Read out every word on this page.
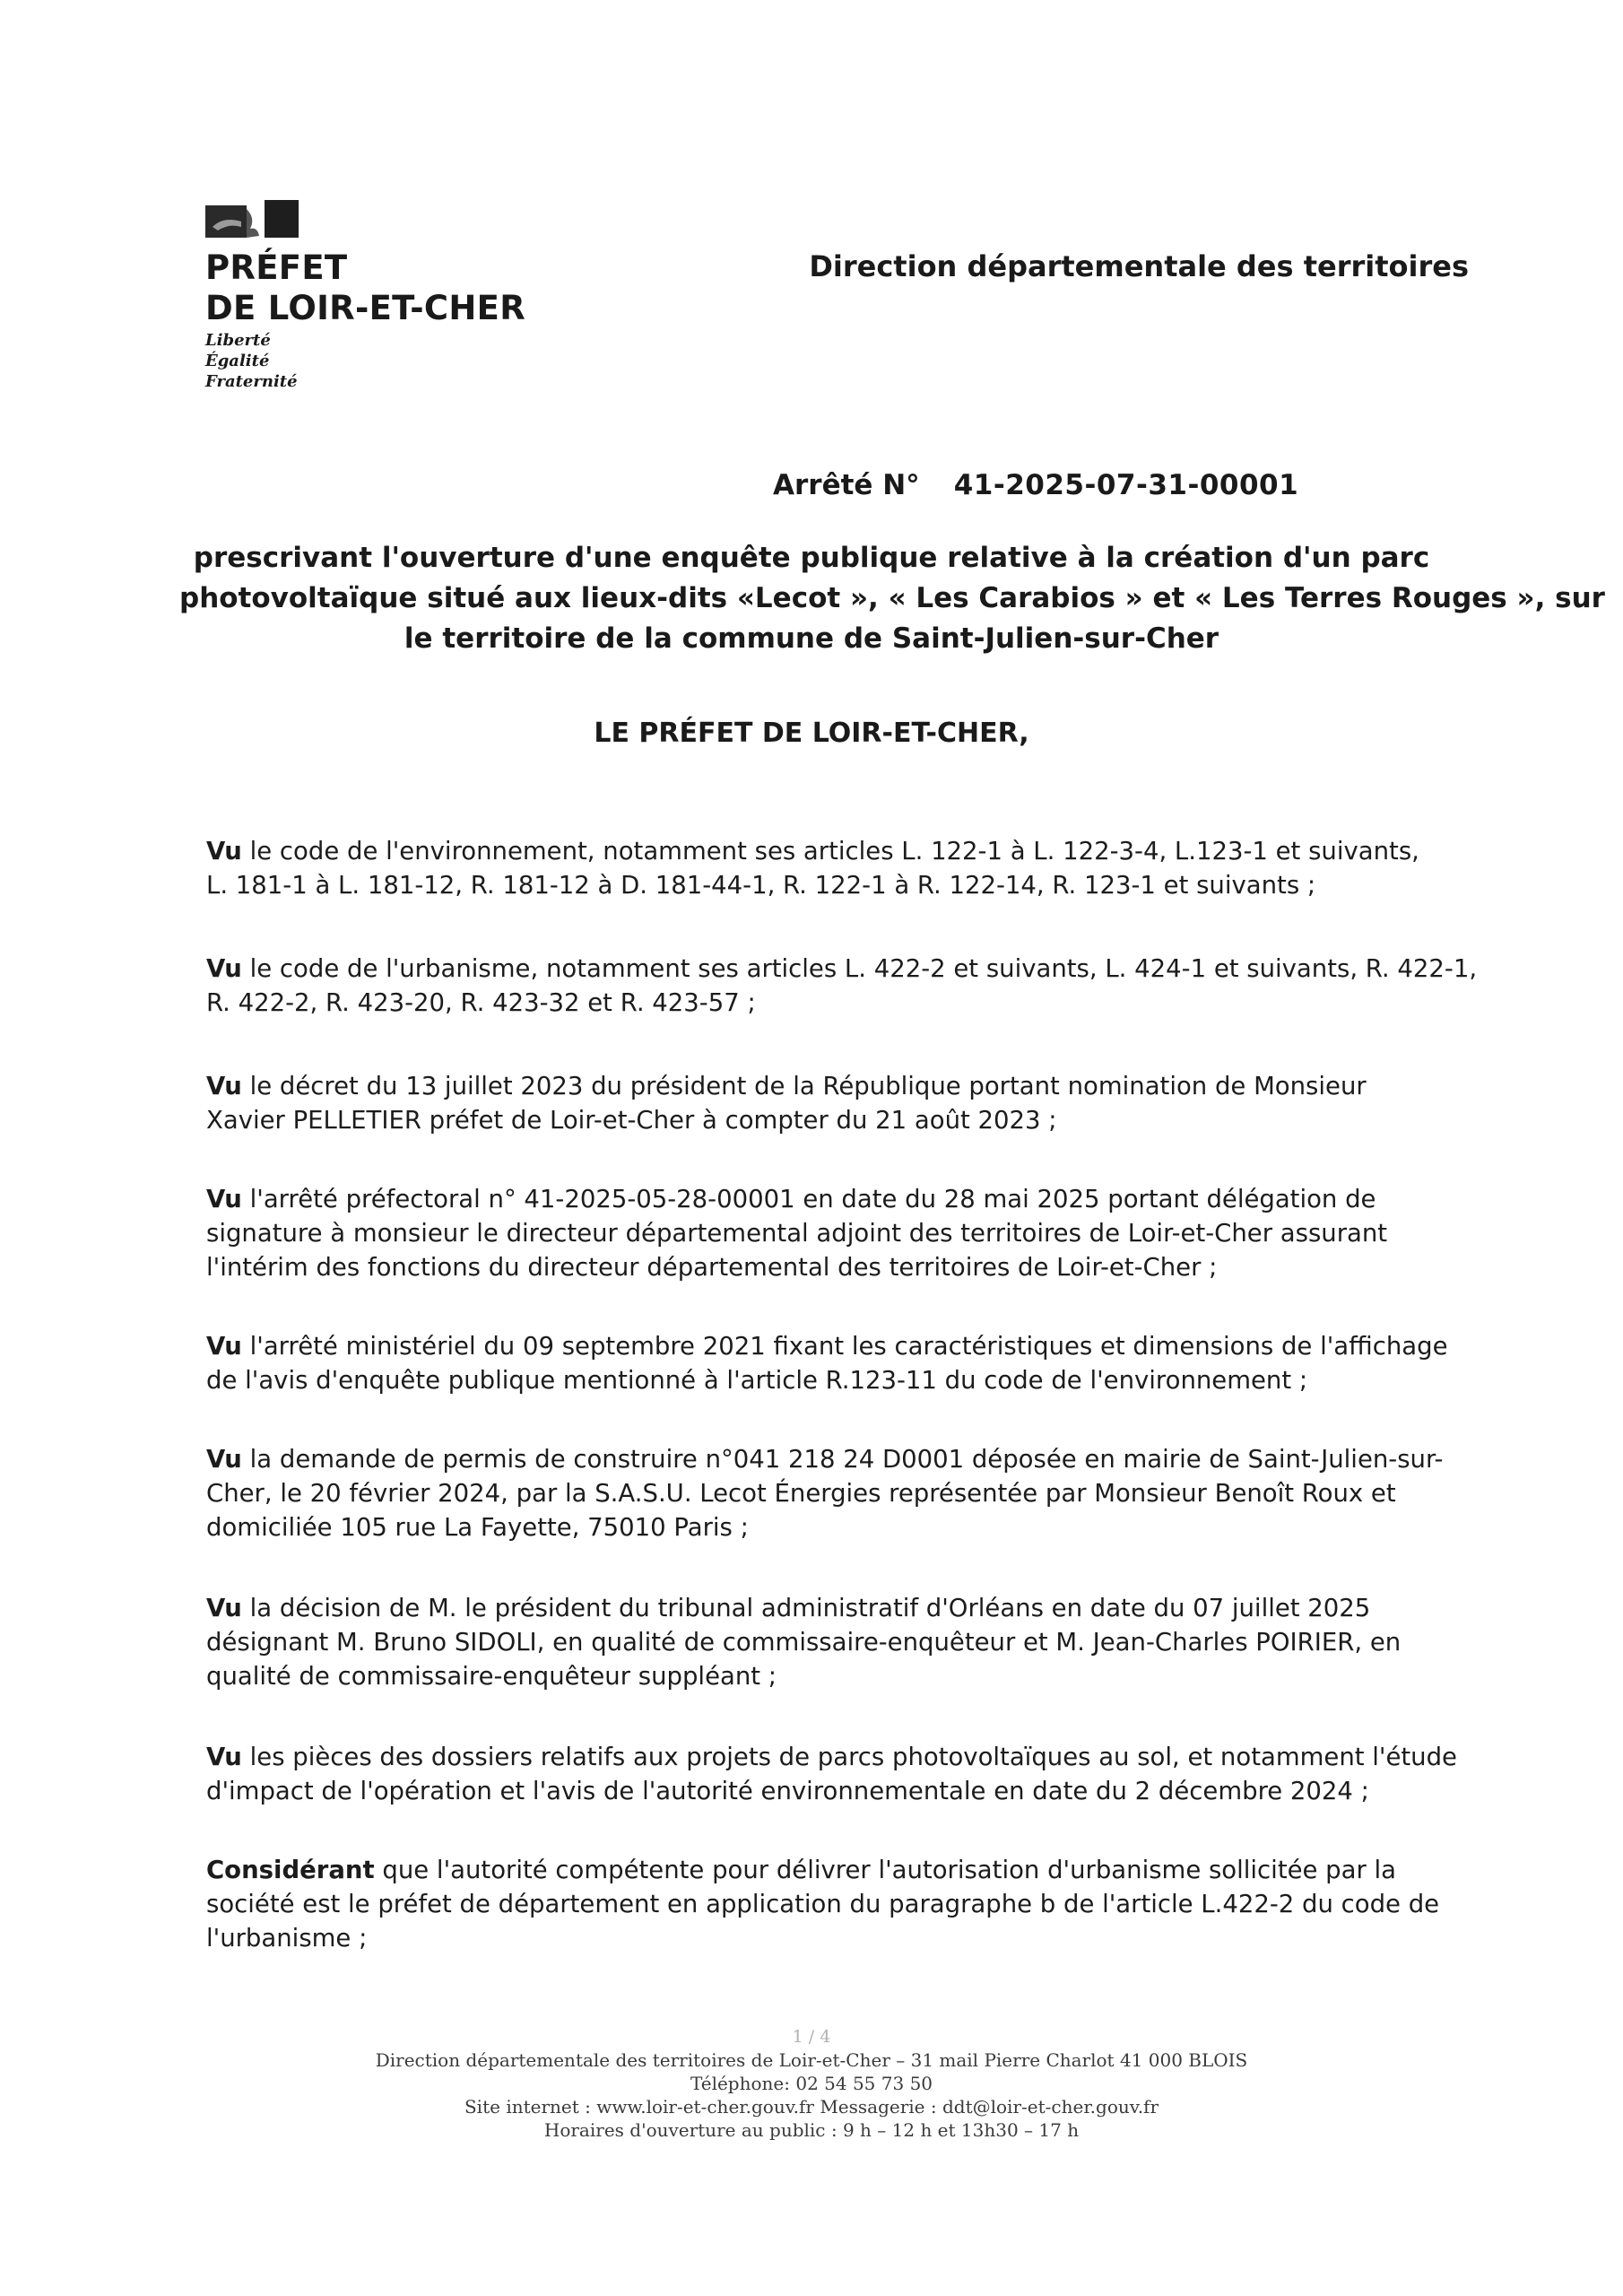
PRÉFET
DE LOIR-ET-CHER
Liberté
Égalité
Fraternité
Direction départementale des territoires
Arrêté N° 41-2025-07-31-00001
prescrivant l'ouverture d'une enquête publique relative à la création d'un parc
photovoltaïque situé aux lieux-dits «Lecot », « Les Carabios » et « Les Terres Rouges », sur
le territoire de la commune de Saint-Julien-sur-Cher
LE PRÉFET DE LOIR-ET-CHER,
Vu le code de l'environnement, notamment ses articles L. 122-1 à L. 122-3-4, L.123-1 et suivants,
L. 181-1 à L. 181-12, R. 181-12 à D. 181-44-1, R. 122-1 à R. 122-14, R. 123-1 et suivants ;
Vu le code de l'urbanisme, notamment ses articles L. 422-2 et suivants, L. 424-1 et suivants, R. 422-1,
R. 422-2, R. 423-20, R. 423-32 et R. 423-57 ;
Vu le décret du 13 juillet 2023 du président de la République portant nomination de Monsieur
Xavier PELLETIER préfet de Loir-et-Cher à compter du 21 août 2023 ;
Vu l'arrêté préfectoral n° 41-2025-05-28-00001 en date du 28 mai 2025 portant délégation de
signature à monsieur le directeur départemental adjoint des territoires de Loir-et-Cher assurant
l'intérim des fonctions du directeur départemental des territoires de Loir-et-Cher ;
Vu l'arrêté ministériel du 09 septembre 2021 fixant les caractéristiques et dimensions de l'affichage
de l'avis d'enquête publique mentionné à l'article R.123-11 du code de l'environnement ;
Vu la demande de permis de construire n°041 218 24 D0001 déposée en mairie de Saint-Julien-sur-
Cher, le 20 février 2024, par la S.A.S.U. Lecot Énergies représentée par Monsieur Benoît Roux et
domiciliée 105 rue La Fayette, 75010 Paris ;
Vu la décision de M. le président du tribunal administratif d'Orléans en date du 07 juillet 2025
désignant M. Bruno SIDOLI, en qualité de commissaire-enquêteur et M. Jean-Charles POIRIER, en
qualité de commissaire-enquêteur suppléant ;
Vu les pièces des dossiers relatifs aux projets de parcs photovoltaïques au sol, et notamment l'étude
d'impact de l'opération et l'avis de l'autorité environnementale en date du 2 décembre 2024 ;
Considérant que l'autorité compétente pour délivrer l'autorisation d'urbanisme sollicitée par la
société est le préfet de département en application du paragraphe b de l'article L.422-2 du code de
l'urbanisme ;
1 / 4
Direction départementale des territoires de Loir-et-Cher – 31 mail Pierre Charlot 41 000 BLOIS
Téléphone: 02 54 55 73 50
Site internet : www.loir-et-cher.gouv.fr Messagerie : ddt@loir-et-cher.gouv.fr
Horaires d'ouverture au public : 9 h – 12 h et 13h30 – 17 h
